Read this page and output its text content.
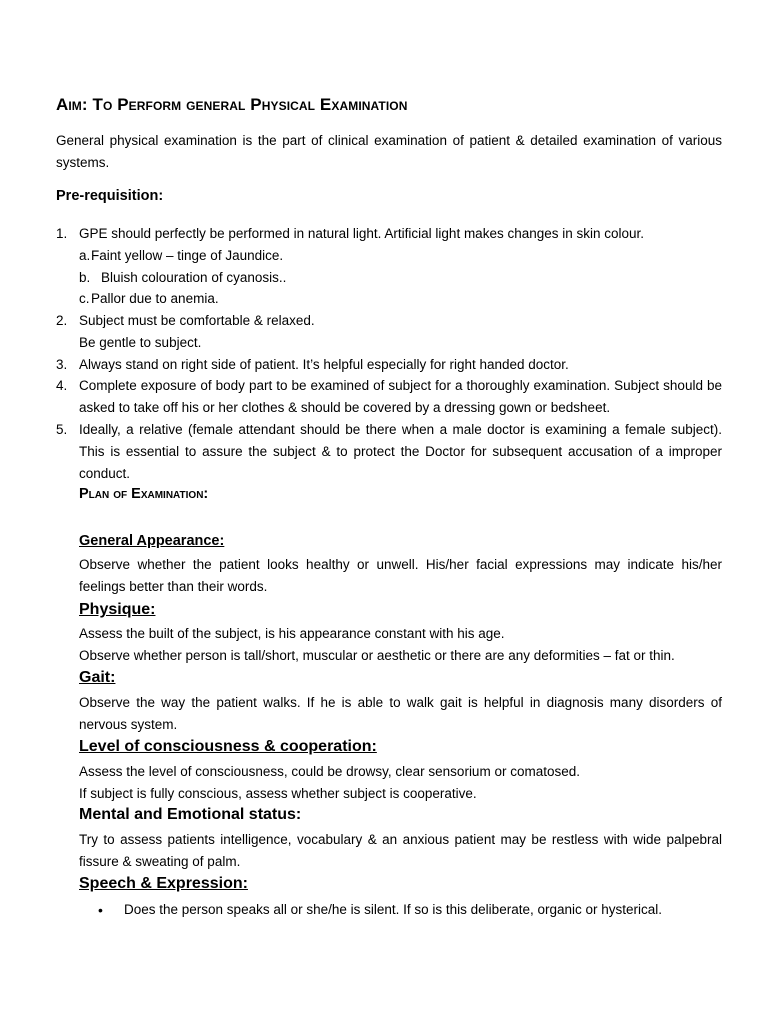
Aim: To Perform general Physical Examination
General physical examination is the part of clinical examination of patient & detailed examination of various systems.
Pre-requisition:
1. GPE should perfectly be performed in natural light. Artificial light makes changes in skin colour.
a. Faint yellow – tinge of Jaundice.
b. Bluish colouration of cyanosis..
c. Pallor due to anemia.
2. Subject must be comfortable & relaxed.
Be gentle to subject.
3. Always stand on right side of patient. It’s helpful especially for right handed doctor.
4. Complete exposure of body part to be examined of subject for a thoroughly examination. Subject should be asked to take off his or her clothes & should be covered by a dressing gown or bedsheet.
5. Ideally, a relative (female attendant should be there when a male doctor is examining a female subject). This is essential to assure the subject & to protect the Doctor for subsequent accusation of a improper conduct.
Plan of Examination:
General Appearance:
Observe whether the patient looks healthy or unwell. His/her facial expressions may indicate his/her feelings better than their words.
Physique:
Assess the built of the subject, is his appearance constant with his age.
Observe whether person is tall/short, muscular or aesthetic or there are any deformities – fat or thin.
Gait:
Observe the way the patient walks. If he is able to walk gait is helpful in diagnosis many disorders of nervous system.
Level of consciousness & cooperation:
Assess the level of consciousness, could be drowsy, clear sensorium or comatosed.
If subject is fully conscious, assess whether subject is cooperative.
Mental and Emotional status:
Try to assess patients intelligence, vocabulary & an anxious patient may be restless with wide palpebral fissure & sweating of palm.
Speech & Expression:
• Does the person speaks all or she/he is silent. If so is this deliberate, organic or hysterical.
